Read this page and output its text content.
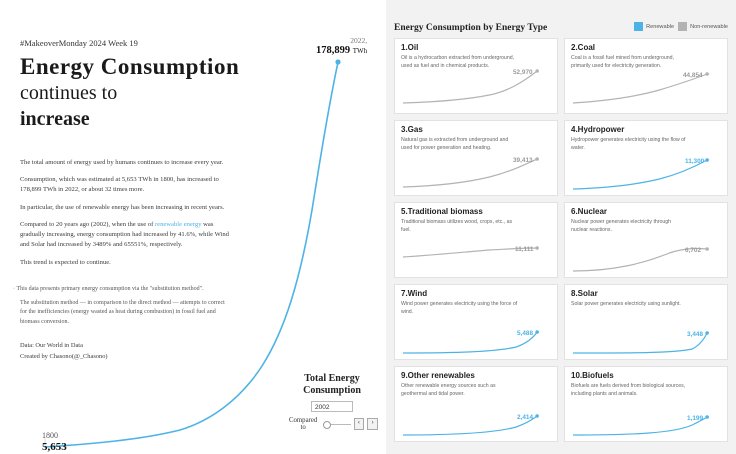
#MakeoverMonday 2024 Week 19
Energy Consumption
continues to
increase

The total amount of energy used by humans continues to increase every year.

Consumption, which was estimated at 5,653 TWh in 1800, has increased to 178,899 TWh in 2022, or about 32 times more.

In particular, the use of renewable energy has been increasing in recent years.

Compared to 20 years ago (2002), when the use of renewable energy was gradually increasing, energy consumption had increased by 41.6%, while Wind and Solar had increased by 3489% and 65551%, respectively.

This trend is expected to continue.

· This data presents primary energy consumption via the "substitution method".
The substitution method — in comparison to the direct method — attempts to correct for the inefficiencies (energy wasted as heat during combustion) in fossil fuel and biomass conversion.
Data: Our World in Data
Created by Chasono(@_Chasono)
2022,
178,899 TWh
1800
5,653
Total Energy
Consumption
2002
Compared to
‹	›
Energy Consumption by Energy Type	Renewable	Non-renewable
1.Oil
Oil is a hydrocarbon extracted from underground, used as fuel and in chemical products.
52,970
2.Coal
Coal is a fossil fuel mined from underground, primarily used for electricity generation.
44,854
3.Gas
Natural gas is extracted from underground and used for power generation and heating.
39,413
4.Hydropower
Hydropower generates electricity using the flow of water.
11,300
5.Traditional biomass
Traditional biomass utilizes wood, crops, etc., as fuel.
11,111
6.Nuclear
Nuclear power generates electricity through nuclear reactions.
6,702
7.Wind
Wind power generates electricity using the force of wind.
5,488
8.Solar
Solar power generates electricity using sunlight.
3,448
9.Other renewables
Other renewable energy sources such as geothermal and tidal power.
2,414
10.Biofuels
Biofuels are fuels derived from biological sources, including plants and animals.
1,199
